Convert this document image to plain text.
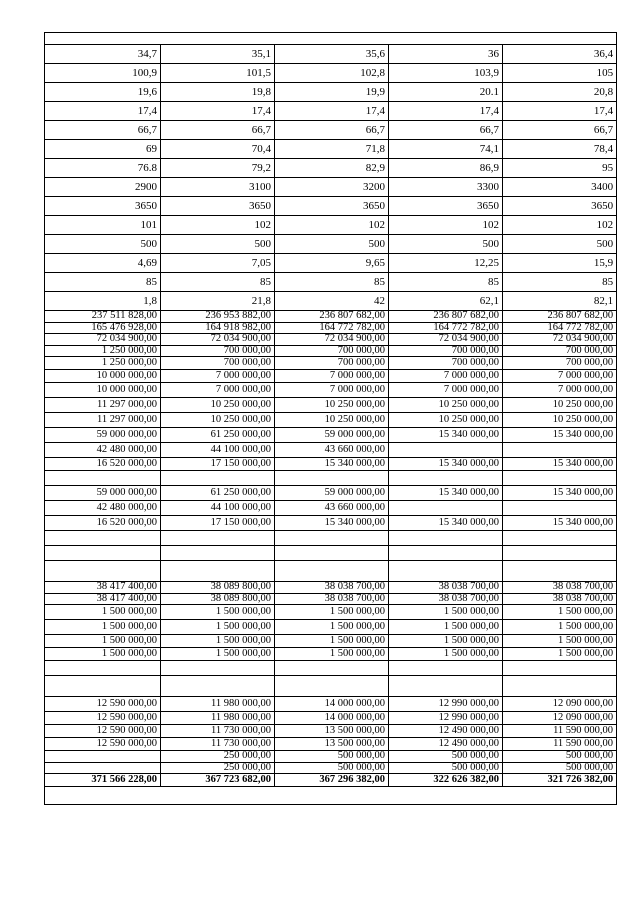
34,7	35,1	35,6	36	36,4
100,9	101,5	102,8	103,9	105
19,6	19,8	19,9	20.1	20,8
17,4	17,4	17,4	17,4	17,4
66,7	66,7	66,7	66,7	66,7
69	70,4	71,8	74,1	78,4
76.8	79,2	82,9	86,9	95
2900	3100	3200	3300	3400
3650	3650	3650	3650	3650
101	102	102	102	102
500	500	500	500	500
4,69	7,05	9,65	12,25	15,9
85	85	85	85	85
1,8	21,8	42	62,1	82,1
237 511 828,00	236 953 882,00	236 807 682,00	236 807 682,00	236 807 682,00
165 476 928,00	164 918 982,00	164 772 782,00	164 772 782,00	164 772 782,00
72 034 900,00	72 034 900,00	72 034 900,00	72 034 900,00	72 034 900,00
1 250 000,00	700 000,00	700 000,00	700 000,00	700 000,00
1 250 000,00	700 000,00	700 000,00	700 000,00	700 000,00
10 000 000,00	7 000 000,00	7 000 000,00	7 000 000,00	7 000 000,00
10 000 000,00	7 000 000,00	7 000 000,00	7 000 000,00	7 000 000,00
11 297 000,00	10 250 000,00	10 250 000,00	10 250 000,00	10 250 000,00
11 297 000,00	10 250 000,00	10 250 000,00	10 250 000,00	10 250 000,00
59 000 000,00	61 250 000,00	59 000 000,00	15 340 000,00	15 340 000,00
42 480 000,00	44 100 000,00	43 660 000,00		
16 520 000,00	17 150 000,00	15 340 000,00	15 340 000,00	15 340 000,00

59 000 000,00	61 250 000,00	59 000 000,00	15 340 000,00	15 340 000,00
42 480 000,00	44 100 000,00	43 660 000,00		
16 520 000,00	17 150 000,00	15 340 000,00	15 340 000,00	15 340 000,00

38 417 400,00	38 089 800,00	38 038 700,00	38 038 700,00	38 038 700,00
38 417 400,00	38 089 800,00	38 038 700,00	38 038 700,00	38 038 700,00
1 500 000,00	1 500 000,00	1 500 000,00	1 500 000,00	1 500 000,00
1 500 000,00	1 500 000,00	1 500 000,00	1 500 000,00	1 500 000,00
1 500 000,00	1 500 000,00	1 500 000,00	1 500 000,00	1 500 000,00
1 500 000,00	1 500 000,00	1 500 000,00	1 500 000,00	1 500 000,00

12 590 000,00	11 980 000,00	14 000 000,00	12 990 000,00	12 090 000,00
12 590 000,00	11 980 000,00	14 000 000,00	12 990 000,00	12 090 000,00
12 590 000,00	11 730 000,00	13 500 000,00	12 490 000,00	11 590 000,00
12 590 000,00	11 730 000,00	13 500 000,00	12 490 000,00	11 590 000,00
	250 000,00	500 000,00	500 000,00	500 000,00
	250 000,00	500 000,00	500 000,00	500 000,00
371 566 228,00	367 723 682,00	367 296 382,00	322 626 382,00	321 726 382,00
